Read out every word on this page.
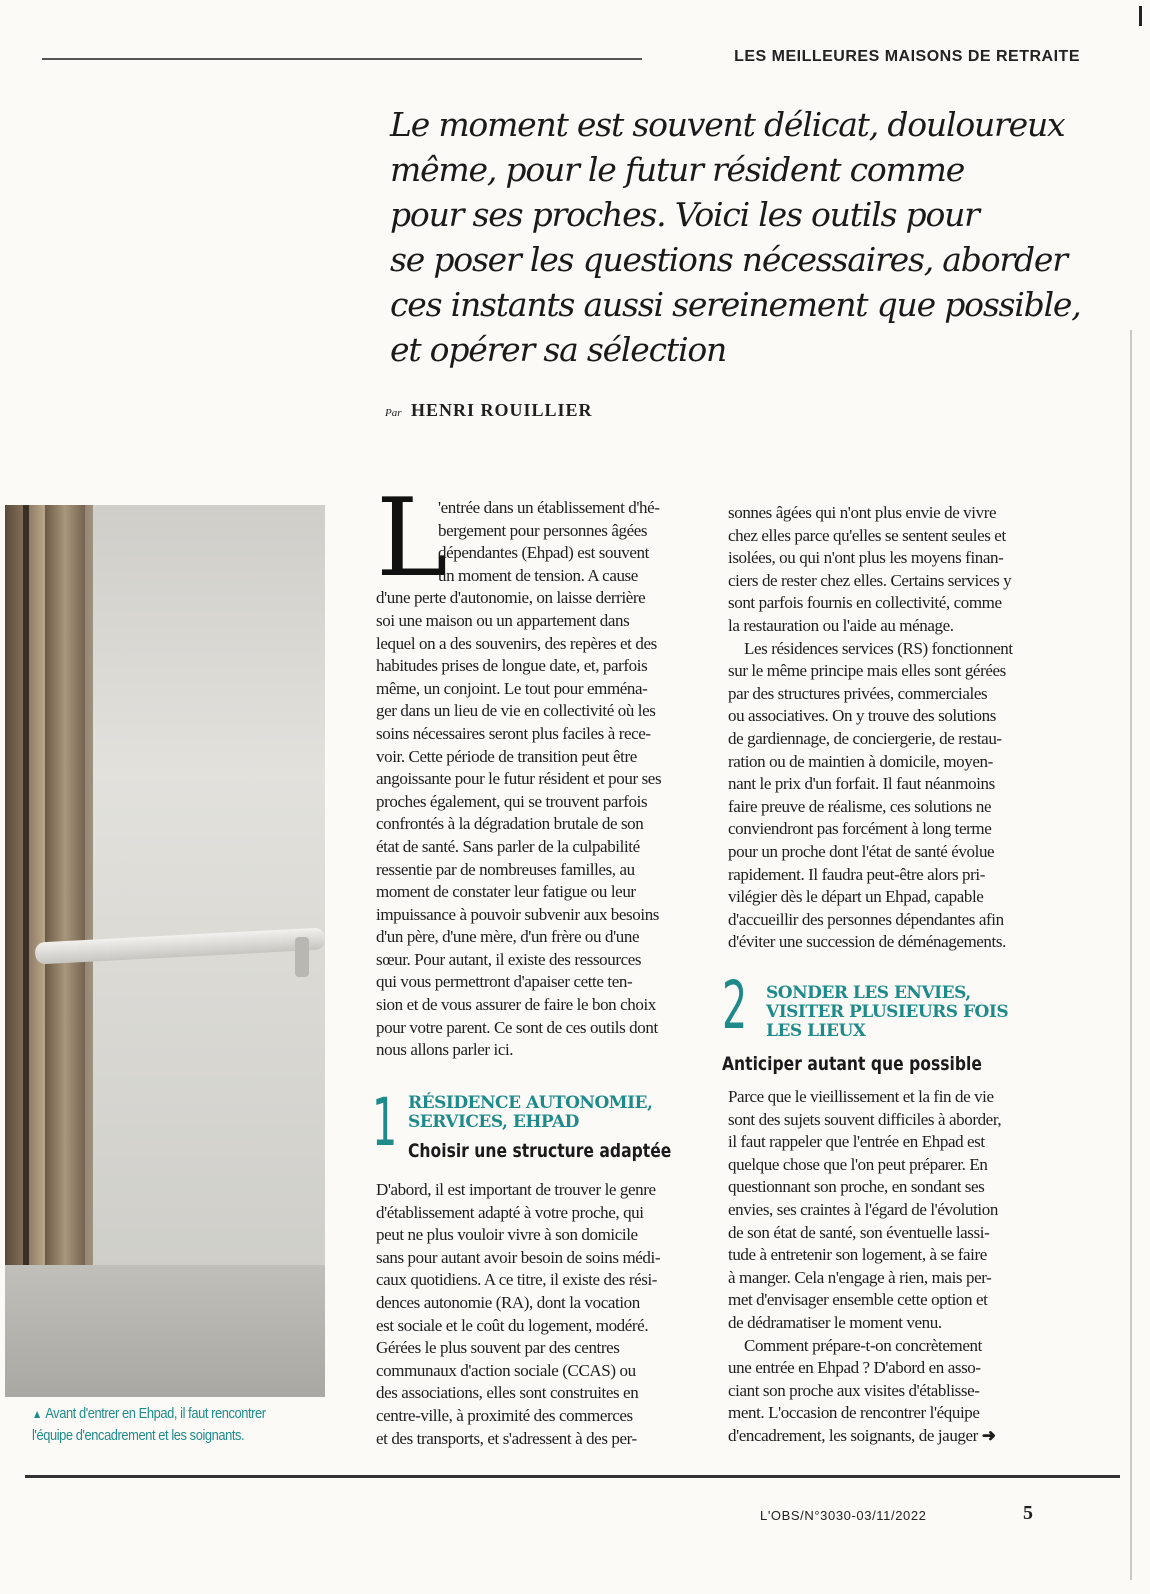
LES MEILLEURES MAISONS DE RETRAITE
Le moment est souvent délicat, douloureux
même, pour le futur résident comme
pour ses proches. Voici les outils pour
se poser les questions nécessaires, aborder
ces instants aussi sereinement que possible,
et opérer sa sélection
Par HENRI ROUILLIER
▲ Avant d'entrer en Ehpad, il faut rencontrer
l'équipe d'encadrement et les soignants.
L
'entrée dans un établissement d'hé-
bergement pour personnes âgées
dépendantes (Ehpad) est souvent
un moment de tension. A cause
d'une perte d'autonomie, on laisse derrière
soi une maison ou un appartement dans
lequel on a des souvenirs, des repères et des
habitudes prises de longue date, et, parfois
même, un conjoint. Le tout pour emména-
ger dans un lieu de vie en collectivité où les
soins nécessaires seront plus faciles à rece-
voir. Cette période de transition peut être
angoissante pour le futur résident et pour ses
proches également, qui se trouvent parfois
confrontés à la dégradation brutale de son
état de santé. Sans parler de la culpabilité
ressentie par de nombreuses familles, au
moment de constater leur fatigue ou leur
impuissance à pouvoir subvenir aux besoins
d'un père, d'une mère, d'un frère ou d'une
sœur. Pour autant, il existe des ressources
qui vous permettront d'apaiser cette ten-
sion et de vous assurer de faire le bon choix
pour votre parent. Ce sont de ces outils dont
nous allons parler ici.
1 RÉSIDENCE AUTONOMIE,
SERVICES, EHPAD
Choisir une structure adaptée
D'abord, il est important de trouver le genre
d'établissement adapté à votre proche, qui
peut ne plus vouloir vivre à son domicile
sans pour autant avoir besoin de soins médi-
caux quotidiens. A ce titre, il existe des rési-
dences autonomie (RA), dont la vocation
est sociale et le coût du logement, modéré.
Gérées le plus souvent par des centres
communaux d'action sociale (CCAS) ou
des associations, elles sont construites en
centre-ville, à proximité des commerces
et des transports, et s'adressent à des per-
sonnes âgées qui n'ont plus envie de vivre
chez elles parce qu'elles se sentent seules et
isolées, ou qui n'ont plus les moyens finan-
ciers de rester chez elles. Certains services y
sont parfois fournis en collectivité, comme
la restauration ou l'aide au ménage.
Les résidences services (RS) fonctionnent
sur le même principe mais elles sont gérées
par des structures privées, commerciales
ou associatives. On y trouve des solutions
de gardiennage, de conciergerie, de restau-
ration ou de maintien à domicile, moyen-
nant le prix d'un forfait. Il faut néanmoins
faire preuve de réalisme, ces solutions ne
conviendront pas forcément à long terme
pour un proche dont l'état de santé évolue
rapidement. Il faudra peut-être alors pri-
vilégier dès le départ un Ehpad, capable
d'accueillir des personnes dépendantes afin
d'éviter une succession de déménagements.
2 SONDER LES ENVIES,
VISITER PLUSIEURS FOIS
LES LIEUX
Anticiper autant que possible
Parce que le vieillissement et la fin de vie
sont des sujets souvent difficiles à aborder,
il faut rappeler que l'entrée en Ehpad est
quelque chose que l'on peut préparer. En
questionnant son proche, en sondant ses
envies, ses craintes à l'égard de l'évolution
de son état de santé, son éventuelle lassi-
tude à entretenir son logement, à se faire
à manger. Cela n'engage à rien, mais per-
met d'envisager ensemble cette option et
de dédramatiser le moment venu.
Comment prépare-t-on concrètement
une entrée en Ehpad ? D'abord en asso-
ciant son proche aux visites d'établisse-
ment. L'occasion de rencontrer l'équipe
d'encadrement, les soignants, de jauger ➜
L'OBS/N°3030-03/11/2022	5
